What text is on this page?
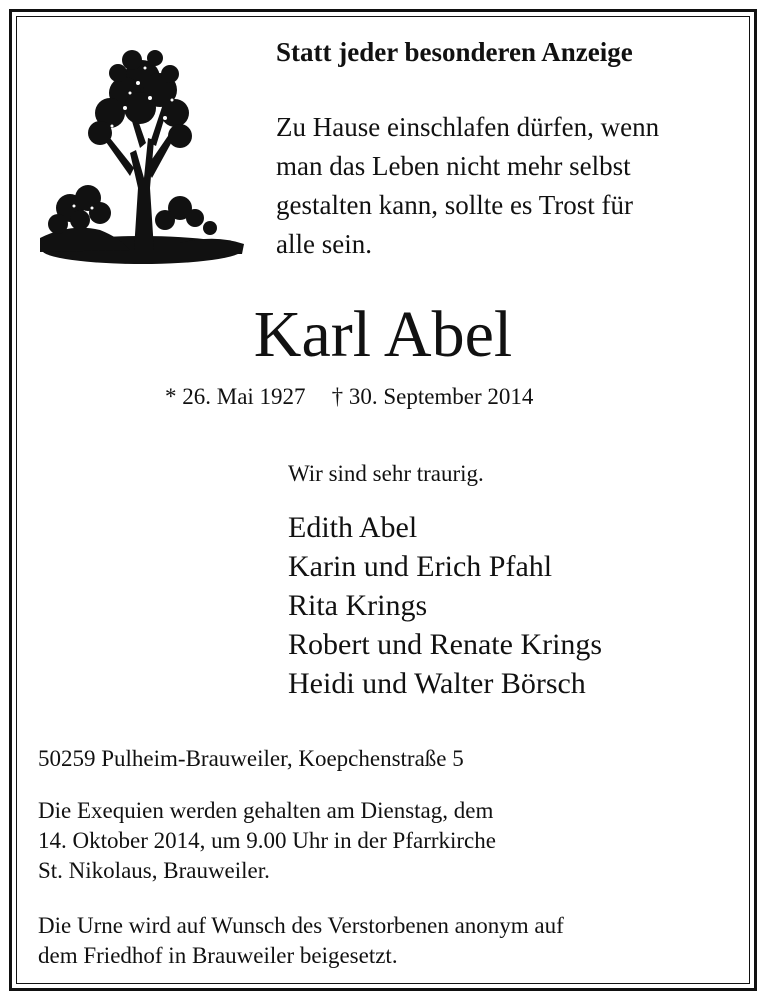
Statt jeder besonderen Anzeige
Zu Hause einschlafen dürfen, wenn
man das Leben nicht mehr selbst
gestalten kann, sollte es Trost für
alle sein.
Karl Abel
* 26. Mai 1927 † 30. September 2014
Wir sind sehr traurig.
Edith Abel
Karin und Erich Pfahl
Rita Krings
Robert und Renate Krings
Heidi und Walter Börsch
50259 Pulheim-Brauweiler, Koepchenstraße 5
Die Exequien werden gehalten am Dienstag, dem
14. Oktober 2014, um 9.00 Uhr in der Pfarrkirche
St. Nikolaus, Brauweiler.
Die Urne wird auf Wunsch des Verstorbenen anonym auf
dem Friedhof in Brauweiler beigesetzt.
